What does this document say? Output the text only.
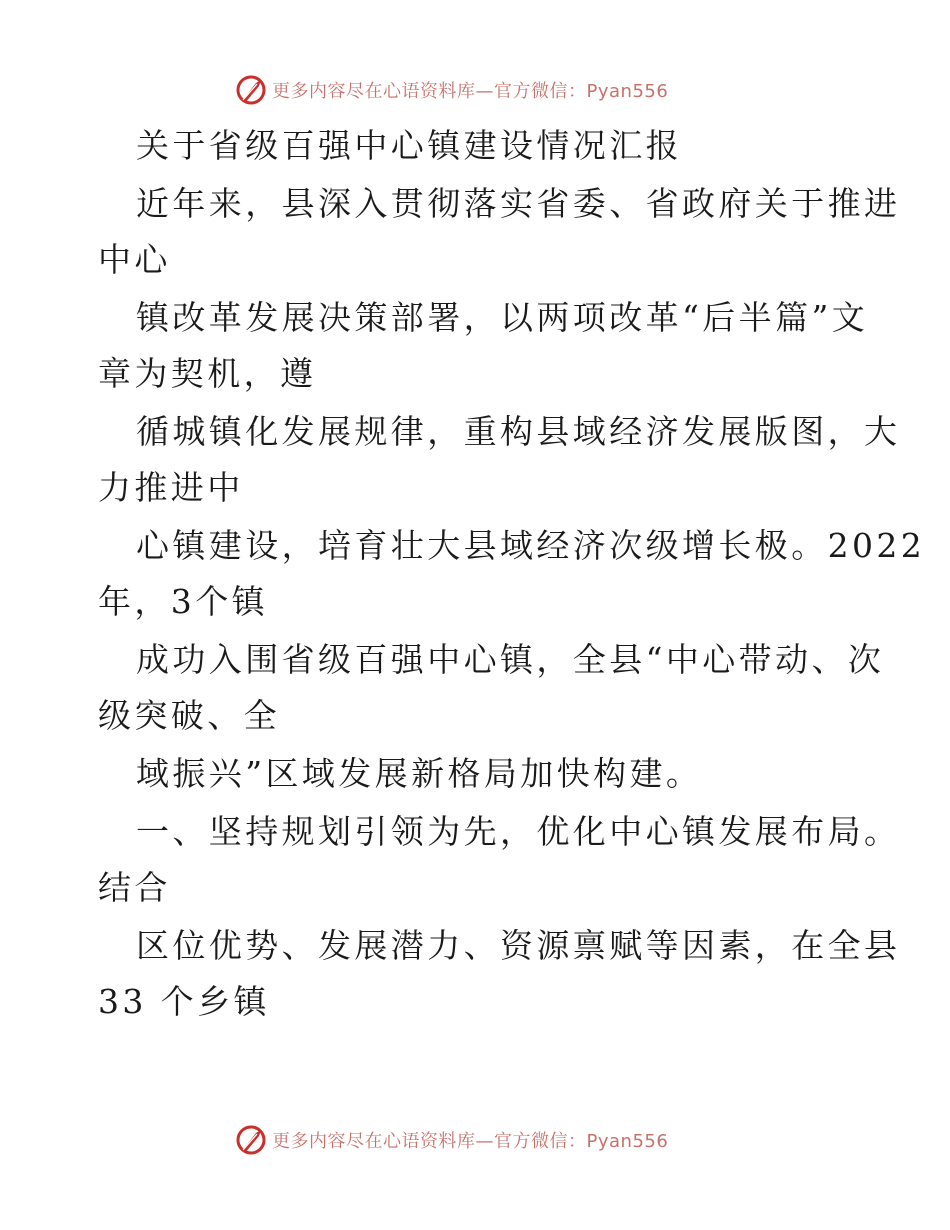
更多内容尽在心语资料库—官方微信：Pyan556
关于省级百强中心镇建设情况汇报
近年来，县深入贯彻落实省委、省政府关于推进
中心
镇改革发展决策部署，以两项改革“后半篇”文
章为契机，遵
循城镇化发展规律，重构县域经济发展版图，大
力推进中
心镇建设，培育壮大县域经济次级增长极。2022
年，3个镇
成功入围省级百强中心镇，全县“中心带动、次
级突破、全
域振兴”区域发展新格局加快构建。
一、坚持规划引领为先，优化中心镇发展布局。
结合
区位优势、发展潜力、资源禀赋等因素，在全县
33 个乡镇
更多内容尽在心语资料库—官方微信：Pyan556
